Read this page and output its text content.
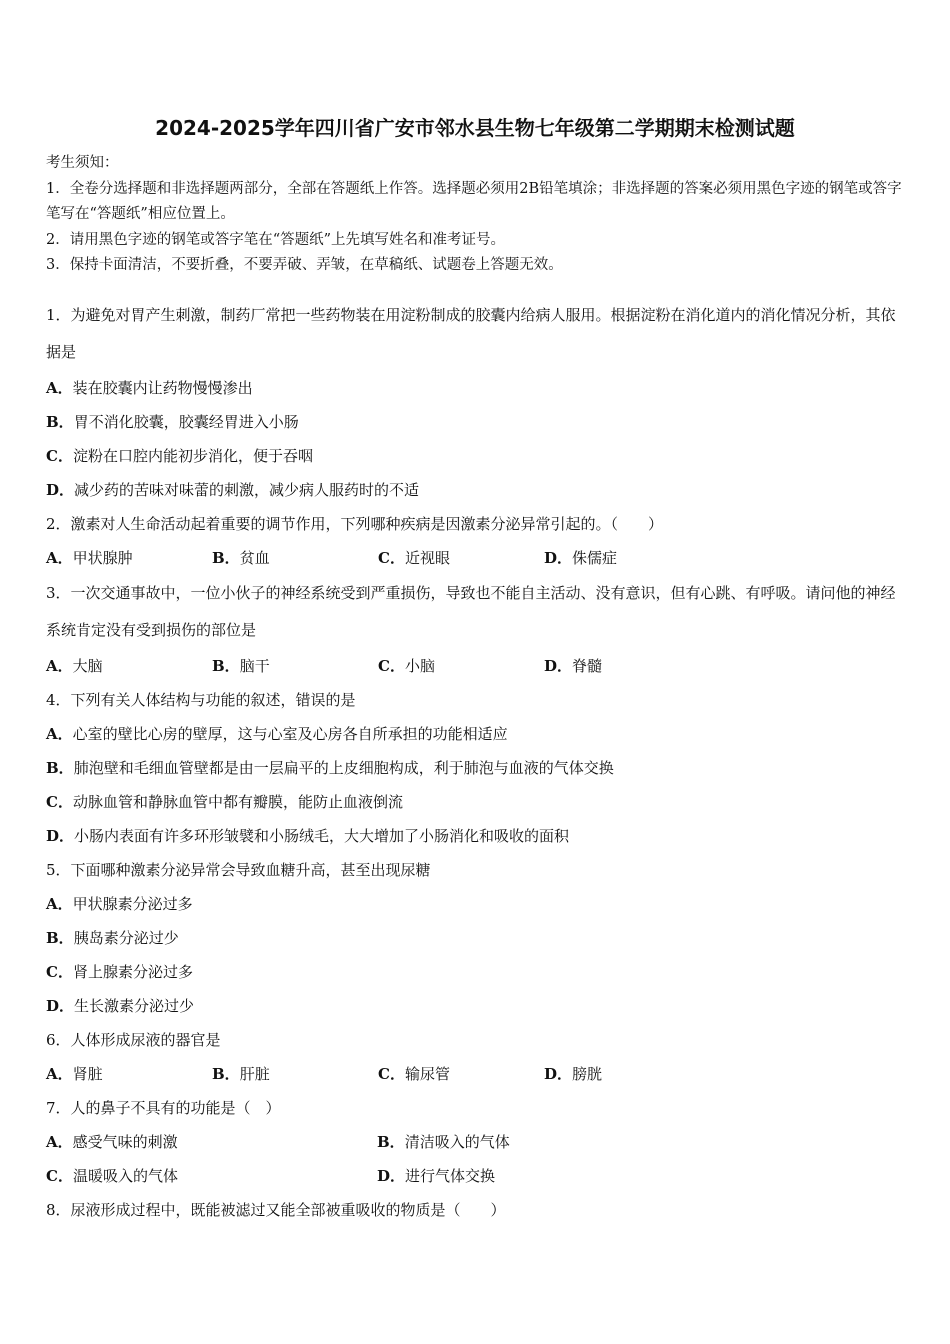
2024-2025学年四川省广安市邻水县生物七年级第二学期期末检测试题

考生须知：

1．全卷分选择题和非选择题两部分，全部在答题纸上作答。选择题必须用2B铅笔填涂；非选择题的答案必须用黑色字迹的钢笔或答字笔写在“答题纸”相应位置上。

2．请用黑色字迹的钢笔或答字笔在“答题纸”上先填写姓名和准考证号。

3．保持卡面清洁，不要折叠，不要弄破、弄皱，在草稿纸、试题卷上答题无效。

1．为避免对胃产生刺激，制药厂常把一些药物装在用淀粉制成的胶囊内给病人服用。根据淀粉在消化道内的消化情况分析，其依据是
A．装在胶囊内让药物慢慢渗出
B．胃不消化胶囊，胶囊经胃进入小肠
C．淀粉在口腔内能初步消化，便于吞咽
D．减少药的苦味对味蕾的刺激，减少病人服药时的不适
2．激素对人生命活动起着重要的调节作用，下列哪种疾病是因激素分泌异常引起的。（　　）
A．甲状腺肿	B．贫血	C．近视眼	D．侏儒症
3．一次交通事故中，一位小伙子的神经系统受到严重损伤，导致也不能自主活动、没有意识，但有心跳、有呼吸。请问他的神经系统肯定没有受到损伤的部位是
A．大脑	B．脑干	C．小脑	D．脊髓
4．下列有关人体结构与功能的叙述，错误的是
A．心室的壁比心房的壁厚，这与心室及心房各自所承担的功能相适应
B．肺泡壁和毛细血管壁都是由一层扁平的上皮细胞构成，利于肺泡与血液的气体交换
C．动脉血管和静脉血管中都有瓣膜，能防止血液倒流
D．小肠内表面有许多环形皱襞和小肠绒毛，大大增加了小肠消化和吸收的面积
5．下面哪种激素分泌异常会导致血糖升高，甚至出现尿糖
A．甲状腺素分泌过多
B．胰岛素分泌过少
C．肾上腺素分泌过多
D．生长激素分泌过少
6．人体形成尿液的器官是
A．肾脏	B．肝脏	C．输尿管	D．膀胱
7．人的鼻子不具有的功能是（　）
A．感受气味的刺激	B．清洁吸入的气体
C．温暖吸入的气体	D．进行气体交换
8．尿液形成过程中，既能被滤过又能全部被重吸收的物质是（　　）
